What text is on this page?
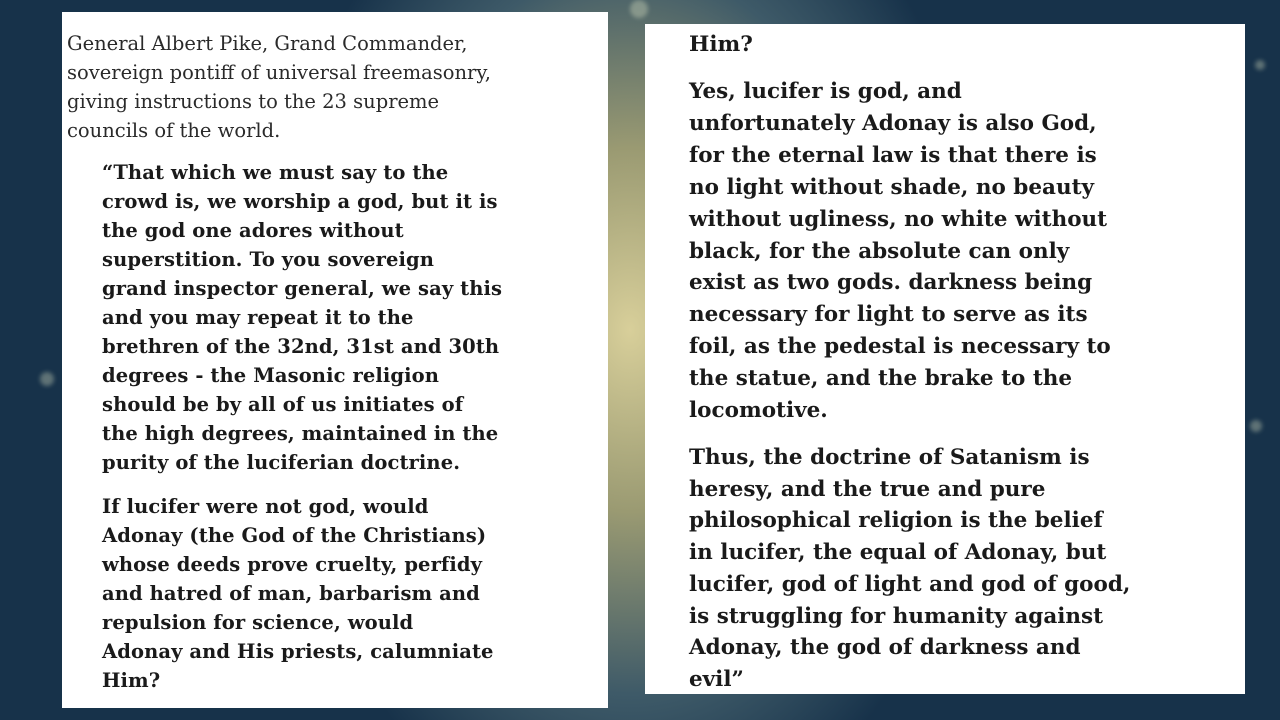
General Albert Pike, Grand Commander,
sovereign pontiff of universal freemasonry,
giving instructions to the 23 supreme
councils of the world.
“That which we must say to the
crowd is, we worship a god, but it is
the god one adores without
superstition. To you sovereign
grand inspector general, we say this
and you may repeat it to the
brethren of the 32nd, 31st and 30th
degrees - the Masonic religion
should be by all of us initiates of
the high degrees, maintained in the
purity of the luciferian doctrine.
If lucifer were not god, would
Adonay (the God of the Christians)
whose deeds prove cruelty, perfidy
and hatred of man, barbarism and
repulsion for science, would
Adonay and His priests, calumniate
Him?
Him?
Yes, lucifer is god, and
unfortunately Adonay is also God,
for the eternal law is that there is
no light without shade, no beauty
without ugliness, no white without
black, for the absolute can only
exist as two gods. darkness being
necessary for light to serve as its
foil, as the pedestal is necessary to
the statue, and the brake to the
locomotive.
Thus, the doctrine of Satanism is
heresy, and the true and pure
philosophical religion is the belief
in lucifer, the equal of Adonay, but
lucifer, god of light and god of good,
is struggling for humanity against
Adonay, the god of darkness and
evil”
